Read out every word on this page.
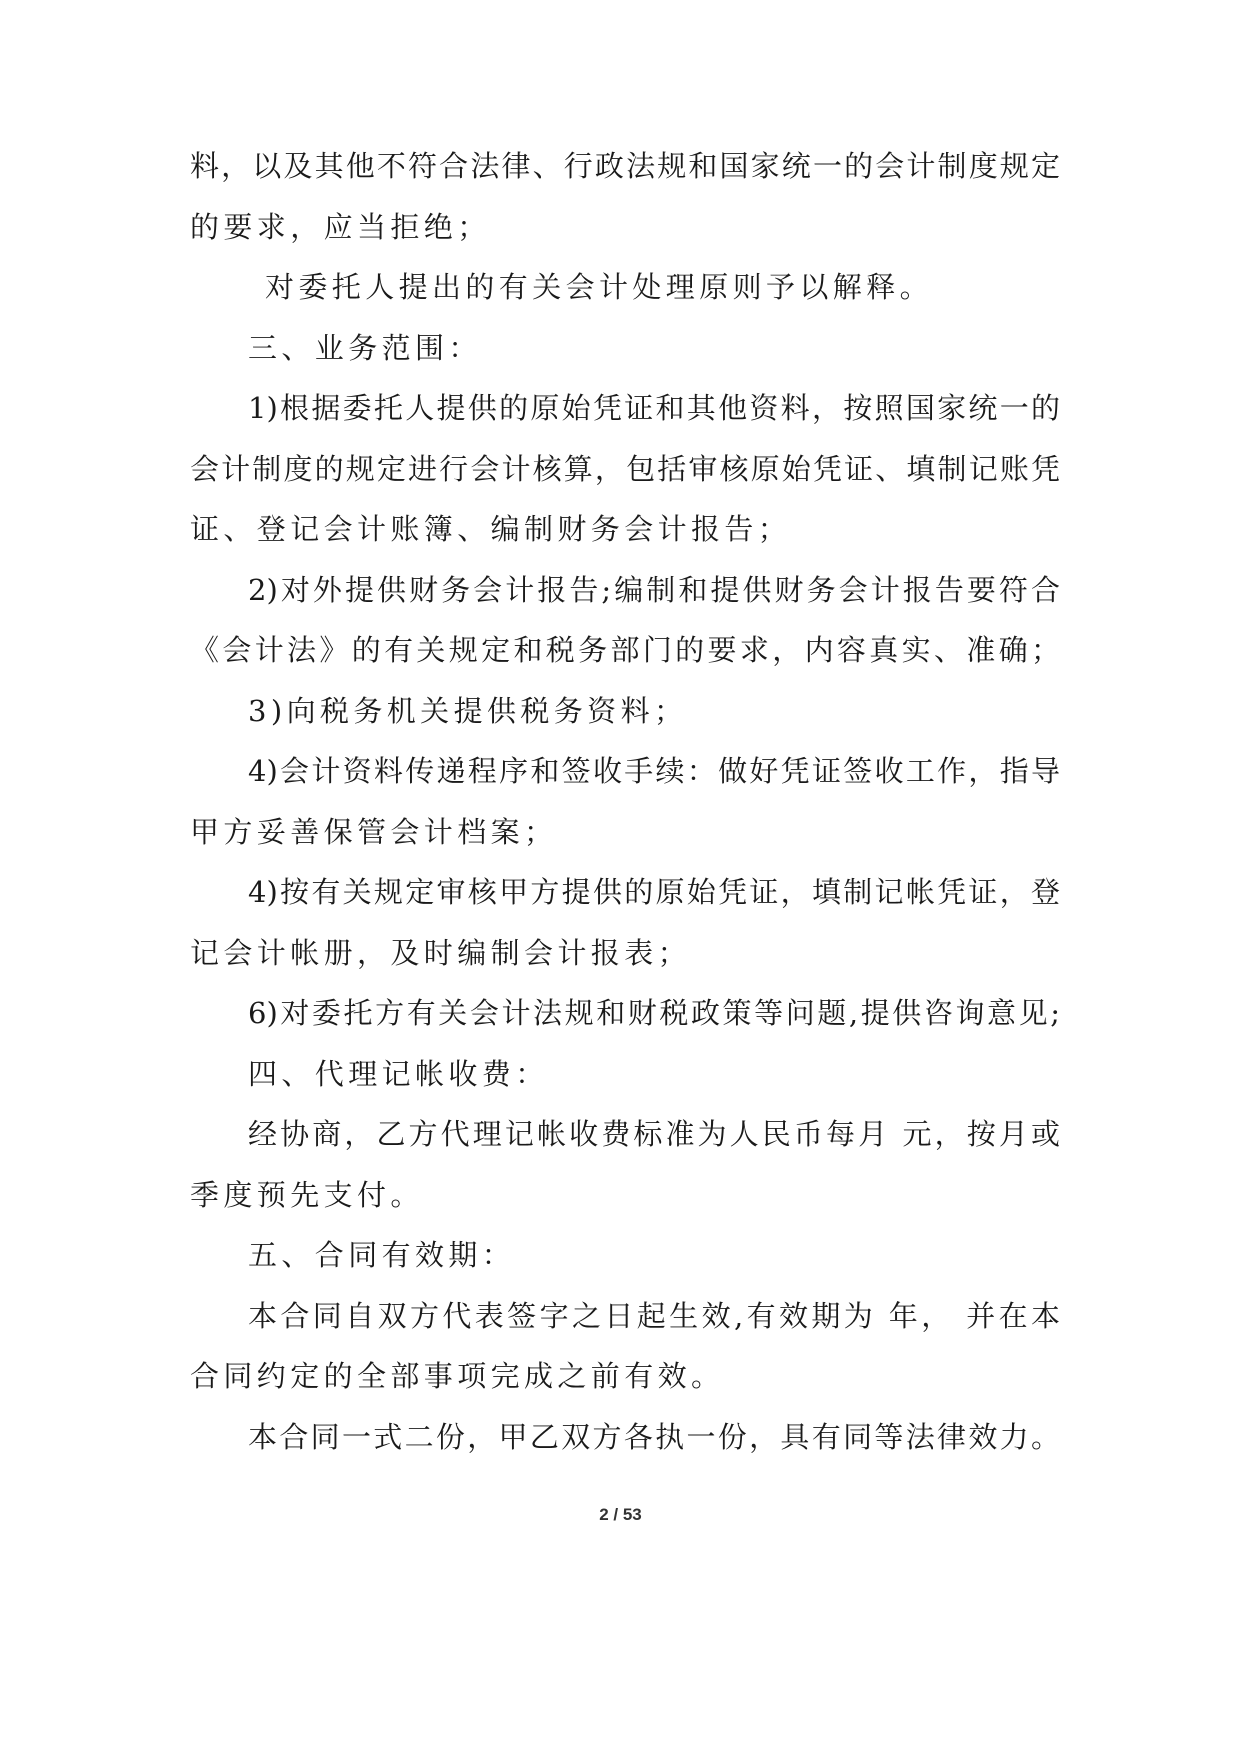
料，以及其他不符合法律、行政法规和国家统一的会计制度规定
的要求，应当拒绝；
对委托人提出的有关会计处理原则予以解释。
三、业务范围：
1)根据委托人提供的原始凭证和其他资料，按照国家统一的
会计制度的规定进行会计核算，包括审核原始凭证、填制记账凭
证、登记会计账簿、编制财务会计报告；
2)对外提供财务会计报告;编制和提供财务会计报告要符合
《会计法》的有关规定和税务部门的要求，内容真实、准确；
3)向税务机关提供税务资料；
4)会计资料传递程序和签收手续：做好凭证签收工作，指导
甲方妥善保管会计档案；
4)按有关规定审核甲方提供的原始凭证，填制记帐凭证，登
记会计帐册，及时编制会计报表；
6)对委托方有关会计法规和财税政策等问题,提供咨询意见;
四、代理记帐收费：
经协商，乙方代理记帐收费标准为人民币每月 元，按月或
季度预先支付。
五、合同有效期：
本合同自双方代表签字之日起生效,有效期为 年， 并在本
合同约定的全部事项完成之前有效。
本合同一式二份，甲乙双方各执一份，具有同等法律效力。
2 / 53
